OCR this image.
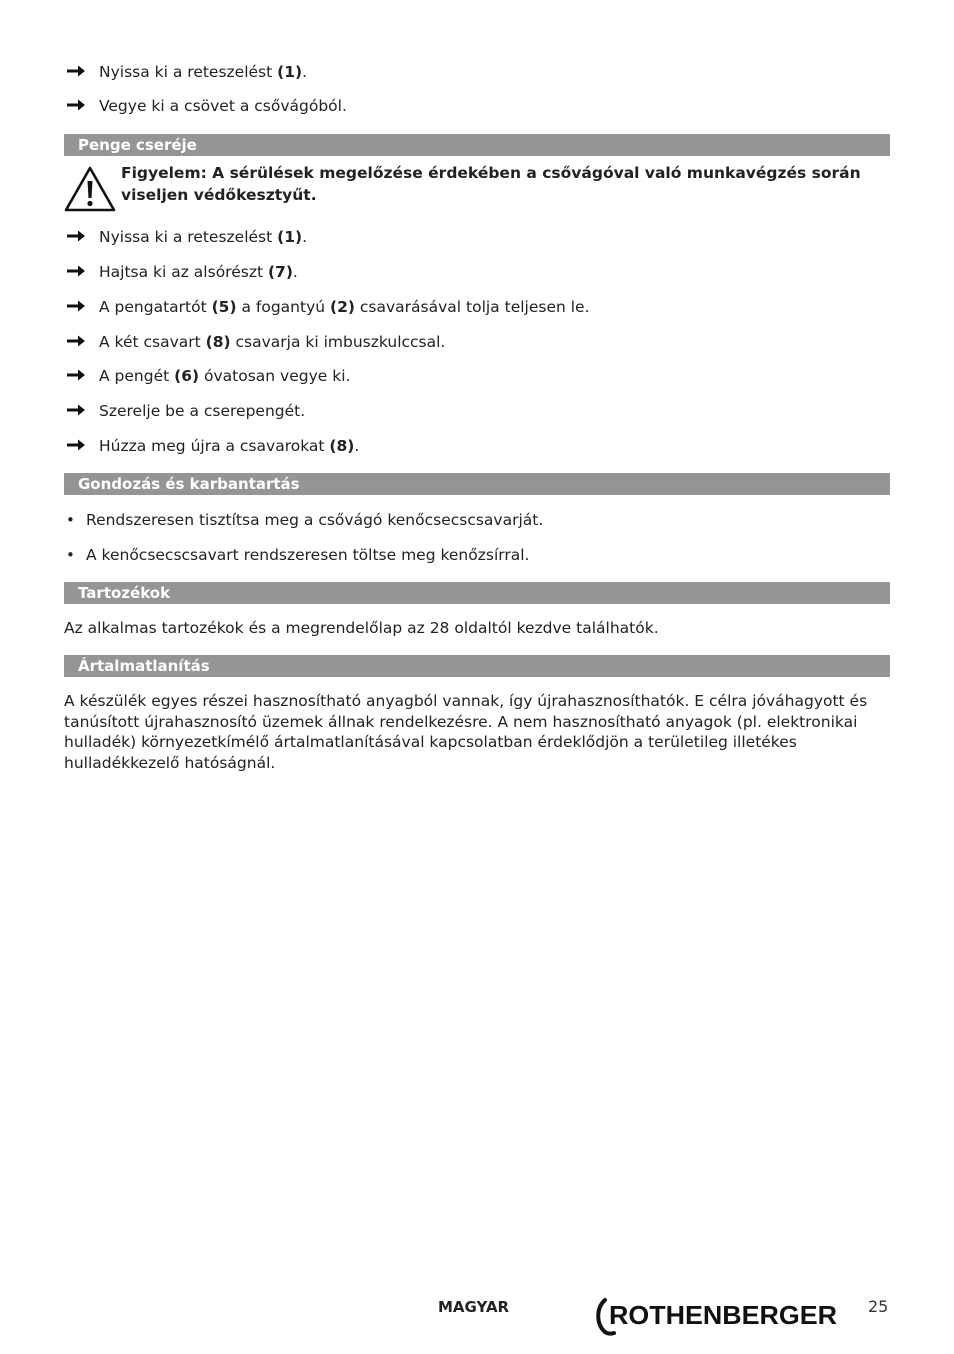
Nyissa ki a reteszelést (1).
Vegye ki a csövet a csővágóból.
Penge cseréje
Figyelem: A sérülések megelőzése érdekében a csővágóval való munkavégzés során
viseljen védőkesztyűt.
Nyissa ki a reteszelést (1).
Hajtsa ki az alsórészt (7).
A pengatartót (5) a fogantyú (2) csavarásával tolja teljesen le.
A két csavart (8) csavarja ki imbuszkulccsal.
A pengét (6) óvatosan vegye ki.
Szerelje be a cserepengét.
Húzza meg újra a csavarokat (8).
Gondozás és karbantartás
• Rendszeresen tisztítsa meg a csővágó kenőcsecscsavarját.
• A kenőcsecscsavart rendszeresen töltse meg kenőzsírral.
Tartozékok
Az alkalmas tartozékok és a megrendelőlap az 28 oldaltól kezdve találhatók.
Ártalmatlanítás
A készülék egyes részei hasznosítható anyagból vannak, így újrahasznosíthatók. E célra jóváhagyott és
tanúsított újrahasznosító üzemek állnak rendelkezésre. A nem hasznosítható anyagok (pl. elektronikai
hulladék) környezetkímélő ártalmatlanításával kapcsolatban érdeklődjön a területileg illetékes
hulladékkezelő hatóságnál.
MAGYAR	ROTHENBERGER 25
